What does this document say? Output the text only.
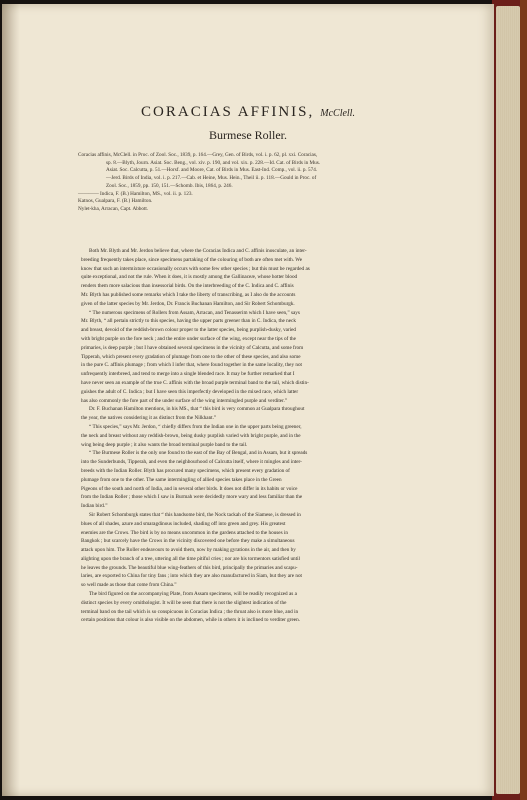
CORACIAS AFFINIS, McClell.
Burmese Roller.
Coracias affinis, McClell. in Proc. of Zool. Soc., 1839, p. 164.—Grey, Gen. of Birds, vol. i. p. 62, pl. xxi. Coracias,
sp. 8.—Blyth, Journ. Asiat. Soc. Beng., vol. xiv. p. 190, and vol. xix. p. 228.—Id. Cat. of Birds in Mus.
Asiat. Soc. Calcutta, p. 51.—Horsf. and Moore, Cat. of Birds in Mus. East-Ind. Comp., vol. ii. p. 574.
—Jerd. Birds of India, vol. i. p. 217.—Cab. et Heine, Mus. Hein., Theil ii. p. 118.—Gould in Proc. of
Zool. Soc., 1859, pp. 150, 151.—Schomb. Ibis, 1864, p. 246.
———— Indica, F. (B.) Hamilton, MS., vol. ii. p. 123.
Katnos, Gualpara, F. (B.) Hamilton.
Nylet-kha, Arracan, Capt. Abbott.
Both Mr. Blyth and Mr. Jerdon believe that, where the Coracias Indica and C. affinis inosculate, an inter-
breeding frequently takes place, since specimens partaking of the colouring of both are often met with. We
know that such an intermixture occasionally occurs with some few other species ; but this must be regarded as
quite exceptional, and not the rule. When it does, it is mostly among the Gallinaceæ, whose hotter blood
renders them more salacious than insessorial birds. On the interbreeding of the C. Indica and C. affinis
Mr. Blyth has published some remarks which I take the liberty of transcribing, as I also do the accounts
given of the latter species by Mr. Jerdon, Dr. Francis Buchanan Hamilton, and Sir Robert Schomburgk.
“ The numerous specimens of Rollers from Assam, Arracan, and Tenasserim which I have seen,” says
Mr. Blyth, “ all pertain strictly to this species, having the upper parts greener than in C. Indica, the neck
and breast, devoid of the reddish-brown colour proper to the latter species, being purplish-dusky, varied
with bright purple on the fore neck ; and the entire under surface of the wing, except near the tips of the
primaries, is deep purple ; but I have obtained several specimens in the vicinity of Calcutta, and some from
Tipperah, which present every gradation of plumage from one to the other of these species, and also some
in the pure C. affinis plumage ; from which I infer that, where found together in the same locality, they not
unfrequently interbreed, and tend to merge into a single blended race. It may be further remarked that I
have never seen an example of the true C. affinis with the broad purple terminal band to the tail, which distin-
guishes the adult of C. Indica ; but I have seen this imperfectly developed in the mixed race, which latter
has also commonly the fore part of the under surface of the wing intermingled purple and verditer.”
Dr. F. Buchanan Hamilton mentions, in his MS., that “ this bird is very common at Gualpara throughout
the year, the natives considering it as distinct from the Nilkhant.”
“ This species,” says Mr. Jerdon, “ chiefly differs from the Indian one in the upper parts being greener,
the neck and breast without any reddish-brown, being dusky purplish varied with bright purple, and in the
wing being deep purple ; it also wants the broad terminal purple band to the tail.
“ The Burmese Roller is the only one found to the east of the Bay of Bengal, and in Assam, but it spreads
into the Sunderbunds, Tipperah, and even the neighbourhood of Calcutta itself, where it mingles and inter-
breeds with the Indian Roller. Blyth has procured many specimens, which present every gradation of
plumage from one to the other. The same intermingling of allied species takes place in the Green
Pigeons of the south and north of India, and in several other birds. It does not differ in its habits or voice
from the Indian Roller ; those which I saw in Burmah were decidedly more wary and less familiar than the
Indian bird.”
Sir Robert Schomburgk states that “ this handsome bird, the Nock tackah of the Siamese, is dressed in
blues of all shades, azure and smaragdinous included, shading off into green and grey. His greatest
enemies are the Crows. The bird is by no means uncommon in the gardens attached to the houses in
Bangkok ; but scarcely have the Crows in the vicinity discovered one before they make a simultaneous
attack upon him. The Roller endeavours to avoid them, now by making gyrations in the air, and then by
alighting upon the branch of a tree, uttering all the time pitiful cries ; nor are his tormentors satisfied until
he leaves the grounds. The beautiful blue wing-feathers of this bird, principally the primaries and scapu-
laries, are exported to China for tiny fans ; into which they are also manufactured in Siam, but they are not
so well made as those that come from China.”
The bird figured on the accompanying Plate, from Assam specimens, will be readily recognized as a
distinct species by every ornithologist. It will be seen that there is not the slightest indication of the
terminal band on the tail which is so conspicuous in Coracias Indica ; the throat also is more blue, and in
certain positions that colour is also visible on the abdomen, while in others it is inclined to verditer green.
